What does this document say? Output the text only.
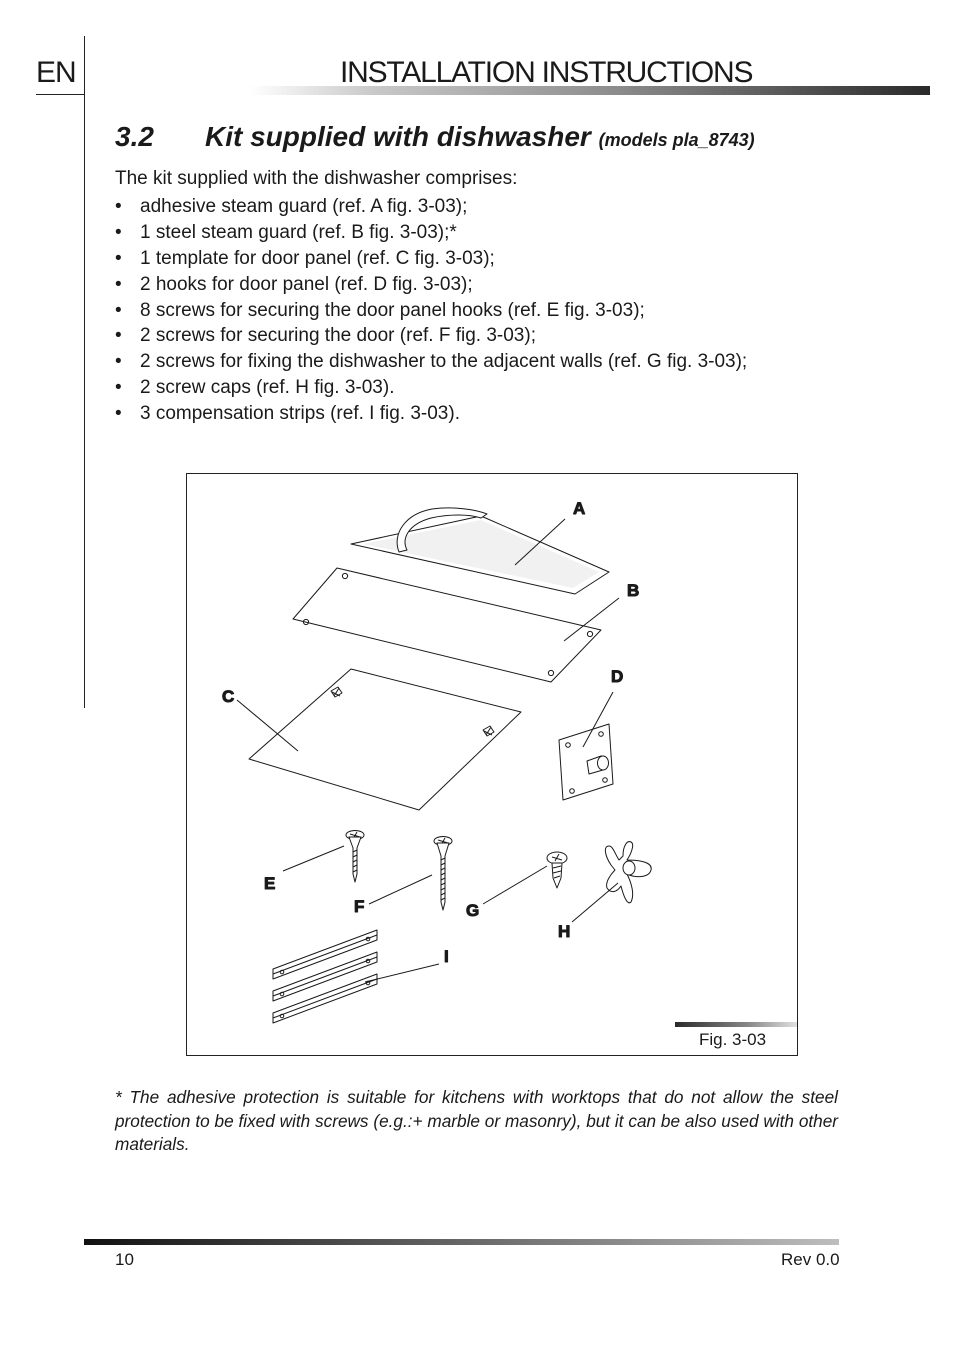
EN	INSTALLATION INSTRUCTIONS
3.2 Kit supplied with dishwasher (models pla_8743)
The kit supplied with the dishwasher comprises:
• adhesive steam guard (ref. A fig. 3-03);
• 1 steel steam guard (ref. B fig. 3-03);*
• 1 template for door panel (ref. C fig. 3-03);
• 2 hooks for door panel (ref. D fig. 3-03);
• 8 screws for securing the door panel hooks (ref. E fig. 3-03);
• 2 screws for securing the door (ref. F fig. 3-03);
• 2 screws for fixing the dishwasher to the adjacent walls (ref. G fig. 3-03);
• 2 screw caps (ref. H fig. 3-03).
• 3 compensation strips (ref. I fig. 3-03).
A
B
C
D
E
F	G
H
I
Fig. 3-03
* The adhesive protection is suitable for kitchens with worktops that do not allow the steel protection to be fixed with screws (e.g.:+ marble or masonry), but it can be also used with other materials.
10	Rev 0.0
